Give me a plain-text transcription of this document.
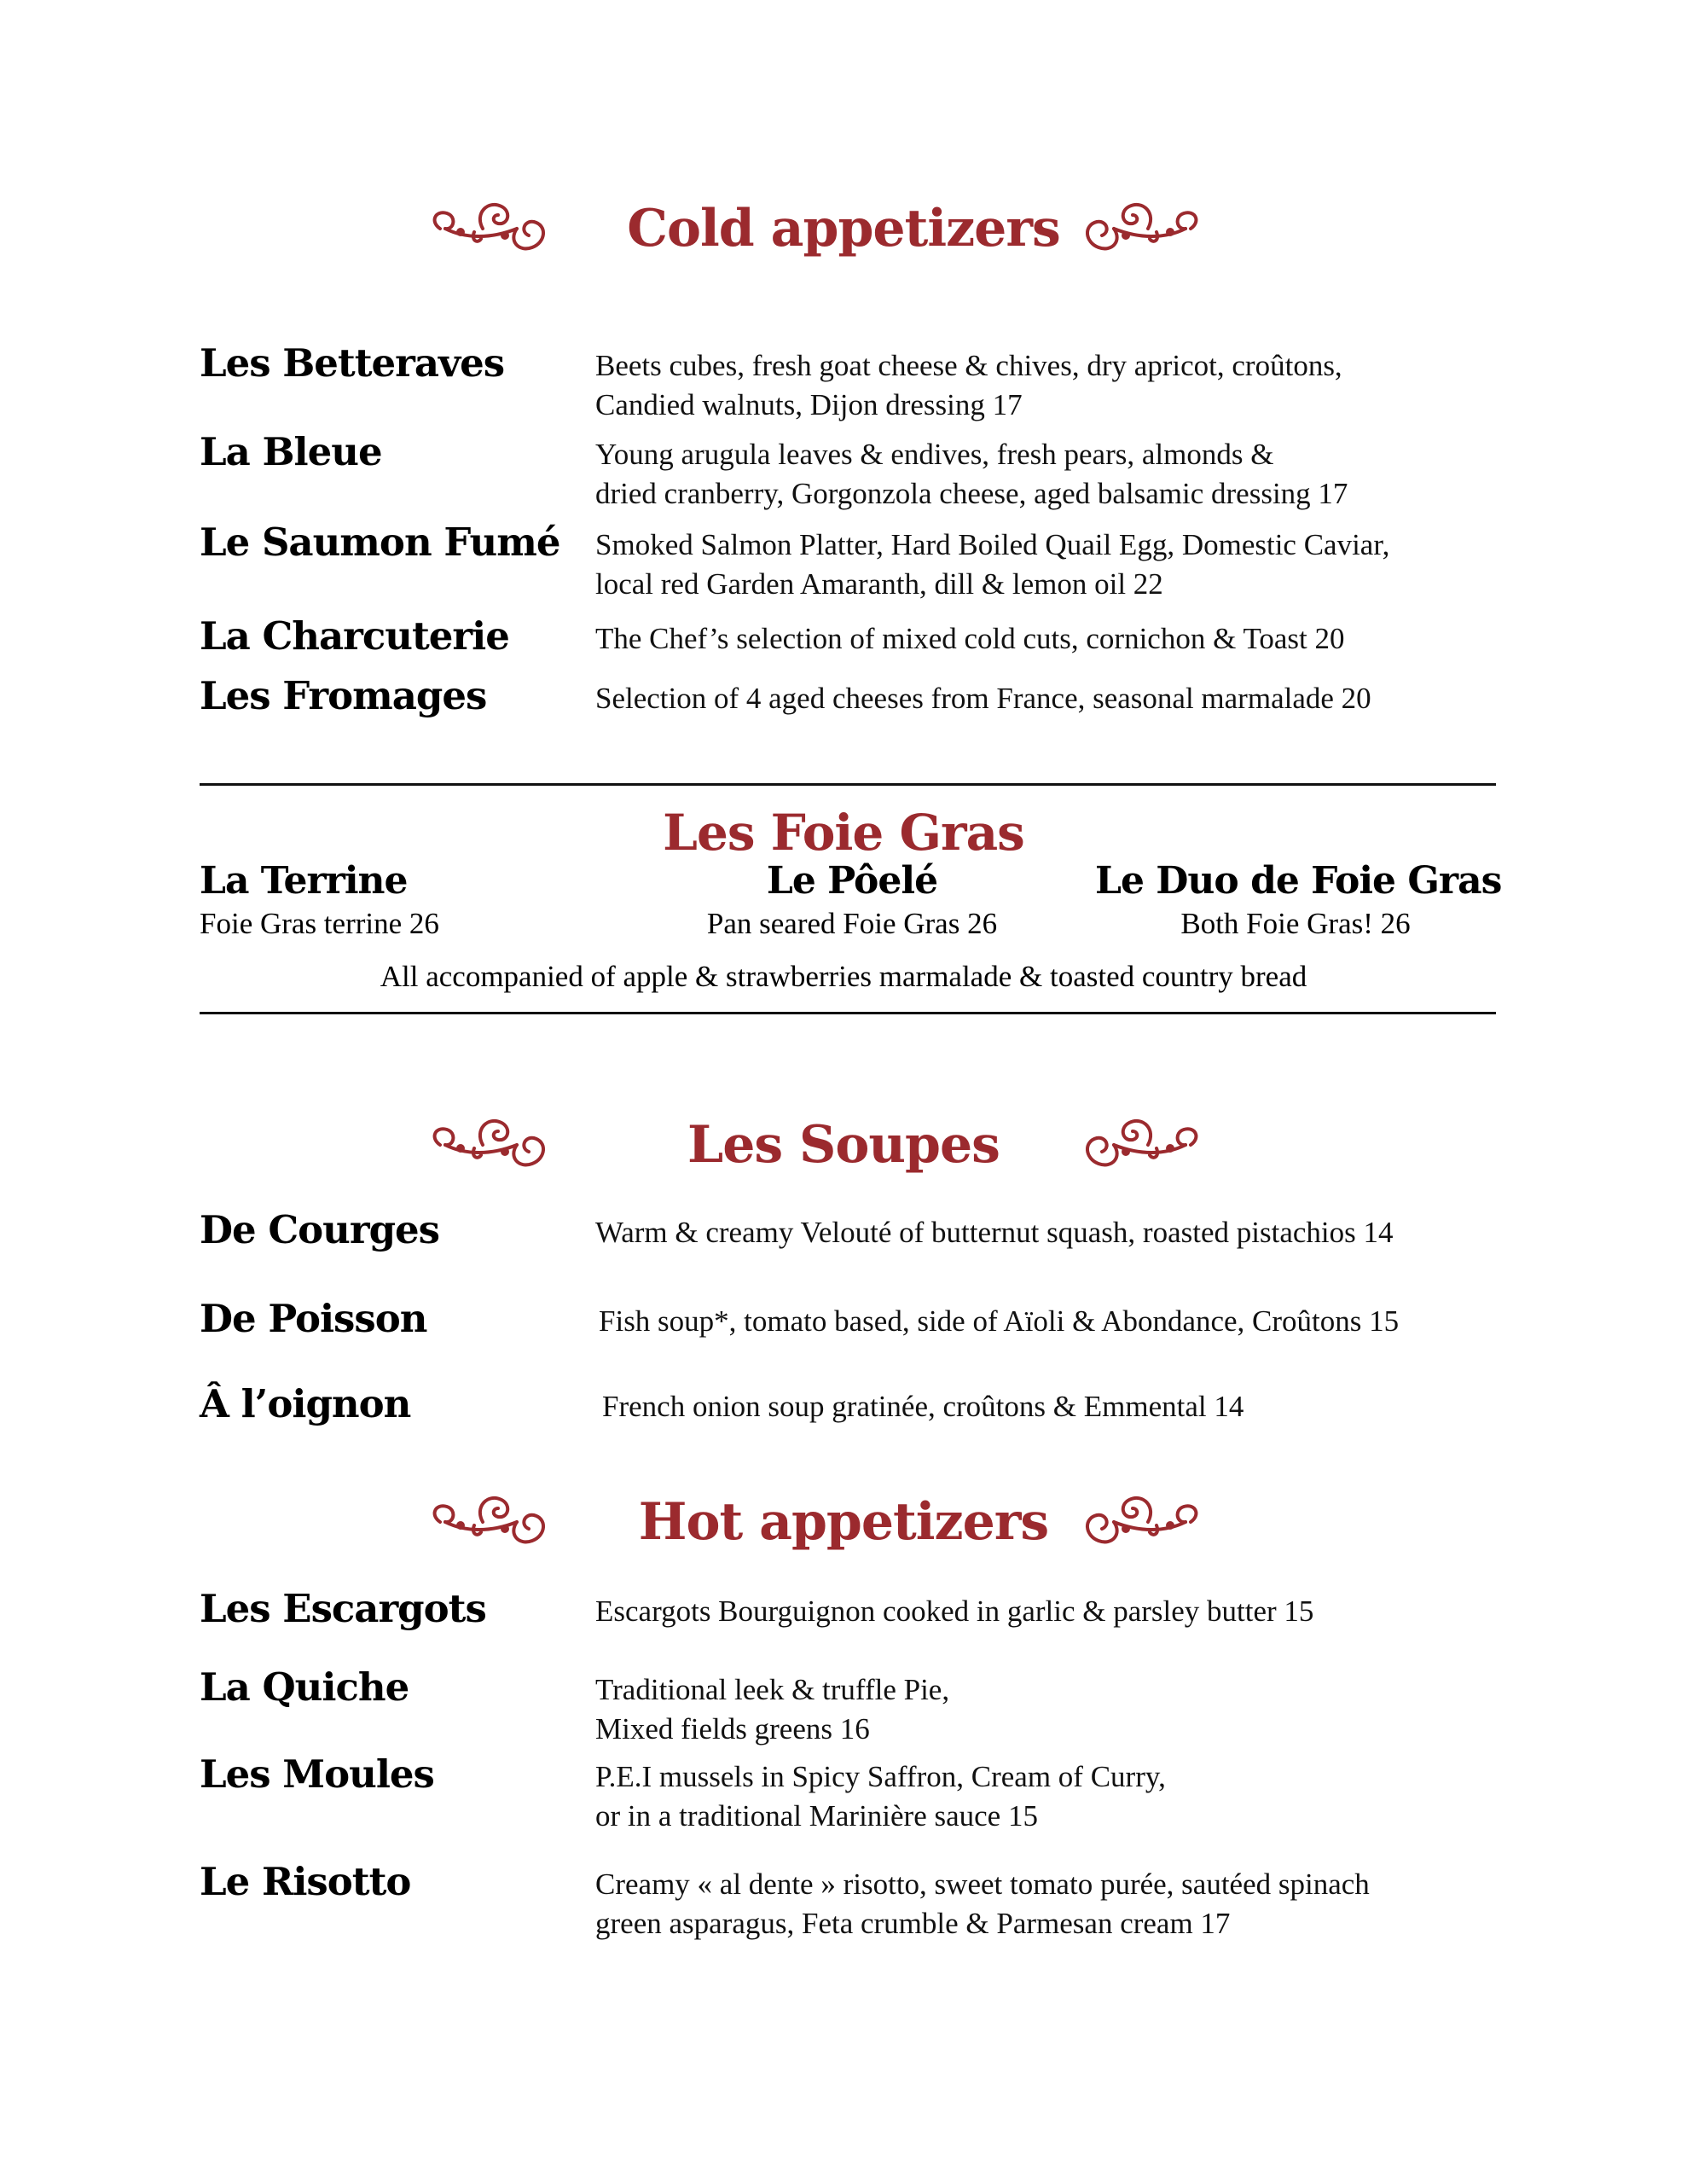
Cold appetizers
Les Betteraves	Beets cubes, fresh goat cheese & chives, dry apricot, croûtons,
Candied walnuts, Dijon dressing 17
La Bleue	Young arugula leaves & endives, fresh pears, almonds &
dried cranberry, Gorgonzola cheese, aged balsamic dressing 17
Le Saumon Fumé Smoked Salmon Platter, Hard Boiled Quail Egg, Domestic Caviar,
local red Garden Amaranth, dill & lemon oil 22
La Charcuterie	The Chef’s selection of mixed cold cuts, cornichon & Toast 20
Les Fromages	Selection of 4 aged cheeses from France, seasonal marmalade 20
Les Foie Gras
La Terrine
Foie Gras terrine 26
Le Pôelé
Pan seared Foie Gras 26
Le Duo de Foie Gras
Both Foie Gras! 26
All accompanied of apple & strawberries marmalade & toasted country bread
Les Soupes
De Courges	Warm & creamy Velouté of butternut squash, roasted pistachios 14
De Poisson	Fish soup*, tomato based, side of Aïoli & Abondance, Croûtons 15
Â l’oignon	French onion soup gratinée, croûtons & Emmental 14
Hot appetizers
Les Escargots	Escargots Bourguignon cooked in garlic & parsley butter 15
La Quiche	Traditional leek & truffle Pie,
Mixed fields greens 16
Les Moules	P.E.I mussels in Spicy Saffron, Cream of Curry,
or in a traditional Marinière sauce 15
Le Risotto	Creamy « al dente » risotto, sweet tomato purée, sautéed spinach
green asparagus, Feta crumble & Parmesan cream 17
